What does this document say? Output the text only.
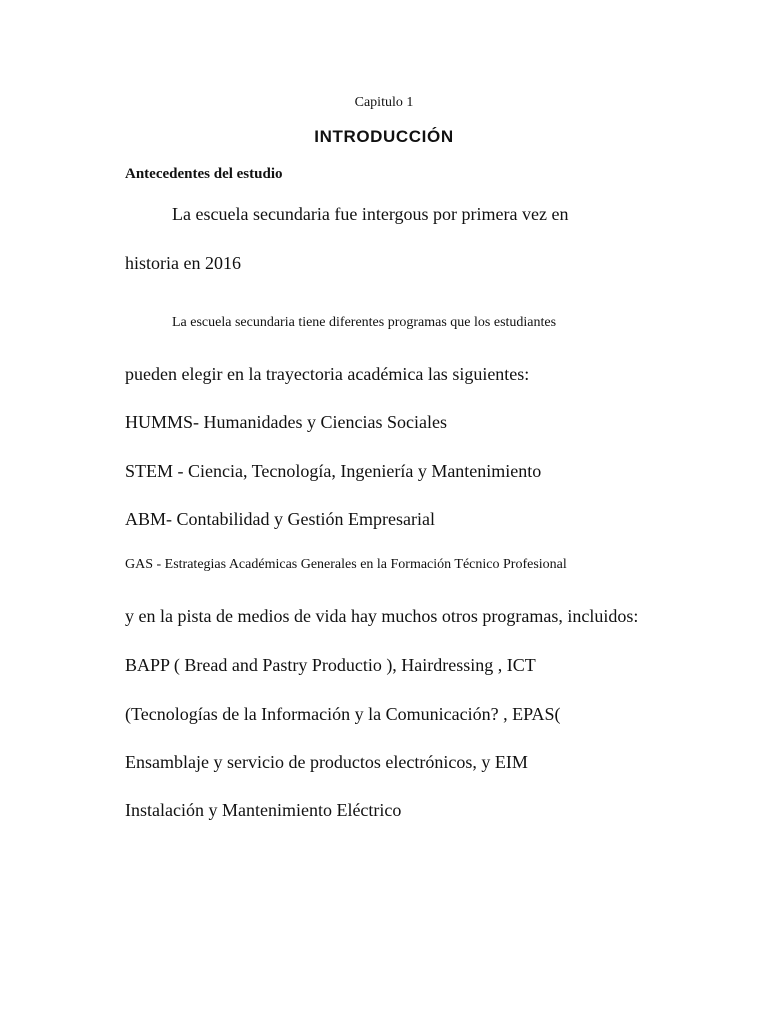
Capitulo 1

INTRODUCCIÓN

Antecedentes del estudio

La escuela secundaria fue intergous por primera vez en

historia en 2016

La escuela secundaria tiene diferentes programas que los estudiantes

pueden elegir en la trayectoria académica las siguientes:

HUMMS- Humanidades y Ciencias Sociales

STEM - Ciencia, Tecnología, Ingeniería y Mantenimiento

ABM- Contabilidad y Gestión Empresarial

GAS - Estrategias Académicas Generales en la Formación Técnico Profesional

y en la pista de medios de vida hay muchos otros programas, incluidos:

BAPP ( Bread and Pastry Productio ), Hairdressing , ICT

(Tecnologías de la Información y la Comunicación? , EPAS(

Ensamblaje y servicio de productos electrónicos, y EIM

Instalación y Mantenimiento Eléctrico
